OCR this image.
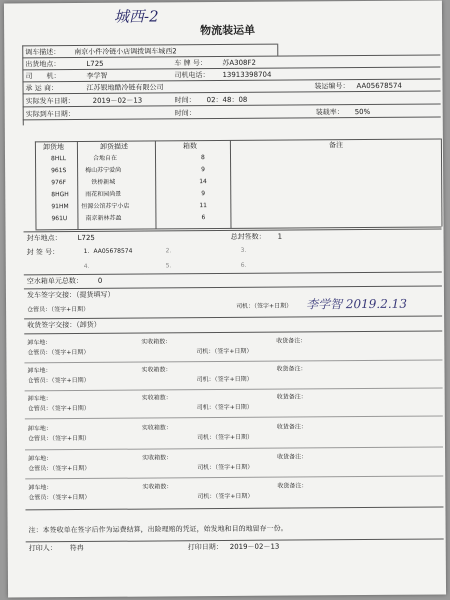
城西-2
物流装运单
调车描述： 南京小件冷链小店调拨调车城西2
出货地点：	L725	车 牌 号： 苏A308F2
司　　机：	李学智	司机电话： 13913398704
承 运 商：	江苏银地酷冷链有限公司	装运编号： AA05678574
实际发车日期：	2019－02－13	时间： 02：48：08
实际到车日期：	时间：	装载率： 50%
卸货地	卸货描述	箱数	备注
8HLL	合地自在	8
961S	梅山苏宁爱尚	9
976F	铁桥新城	14
8HGH	雨花和园尚景	9
91HM 恒源公馆苏宁小店	11
961U	南京新林苏盈	6
封车地点： L725	总封签数： 1
封 签 号：	1．AA05678574	2．	3．
4．	5．	6．
空水箱单元总数： 0
发车签字交接：（提货填写）
仓管员：（签字+日期）	司机：（签字+日期） 李学智 2019.2.13
收货签字交接：（卸货）
卸车地：	实收箱数：	收货备注：
仓管员：（签字+日期）	司机：（签字+日期）
卸车地：	实收箱数：	收货备注：
仓管员：（签字+日期）	司机：（签字+日期）
卸车地：	实收箱数：	收货备注：
仓管员：（签字+日期）	司机：（签字+日期）
卸车地：	实收箱数：	收货备注：
仓管员：（签字+日期）	司机：（签字+日期）
卸车地：	实收箱数：	收货备注：
仓管员：（签字+日期）	司机：（签字+日期）
卸车地：	实收箱数：	收货备注：
仓管员：（签字+日期）	司机：（签字+日期）
注：本签收单在签字后作为运费结算，出险理赔的凭证，始发地和目的地留存一份。
打印人： 符冉	打印日期： 2019－02－13
